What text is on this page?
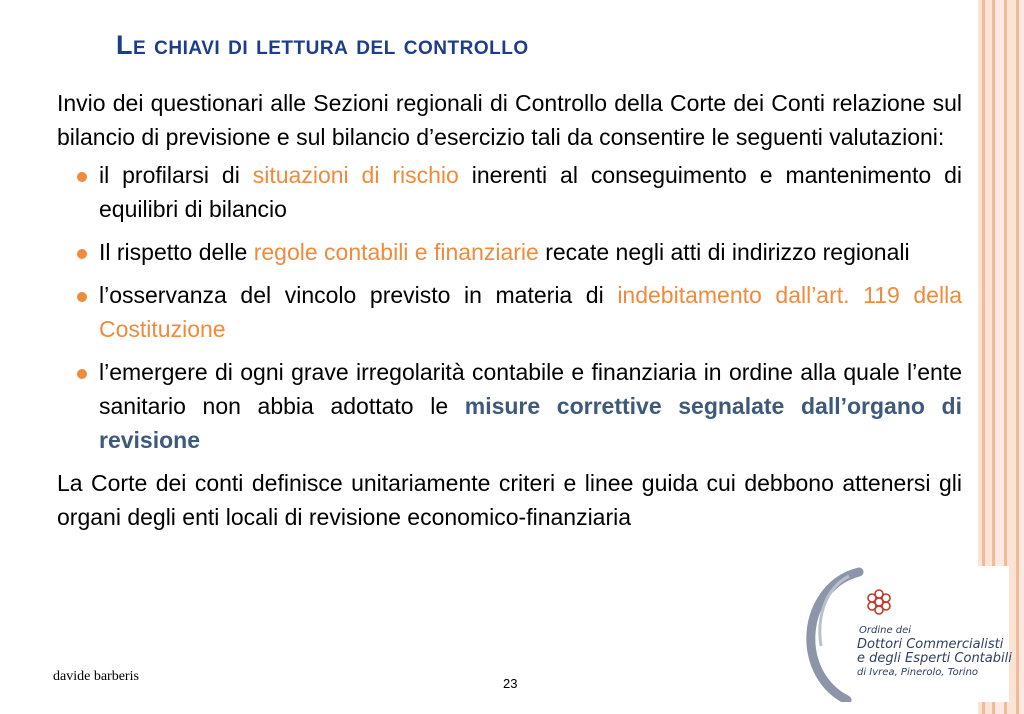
Le chiavi di lettura del controllo

Invio dei questionari alle Sezioni regionali di Controllo della Corte dei Conti relazione sul bilancio di previsione e sul bilancio d’esercizio tali da consentire le seguenti valutazioni:

il profilarsi di situazioni di rischio inerenti al conseguimento e mantenimento di equilibri di bilancio
Il rispetto delle regole contabili e finanziarie recate negli atti di indirizzo regionali
l’osservanza del vincolo previsto in materia di indebitamento dall’art. 119 della Costituzione
l’emergere di ogni grave irregolarità contabile e finanziaria in ordine alla quale l’ente sanitario non abbia adottato le misure correttive segnalate dall’organo di revisione

La Corte dei conti definisce unitariamente criteri e linee guida cui debbono attenersi gli organi degli enti locali di revisione economico-finanziaria

davide barberis	23
Ordine dei
Dottori Commercialisti
e degli Esperti Contabili
di Ivrea, Pinerolo, Torino
